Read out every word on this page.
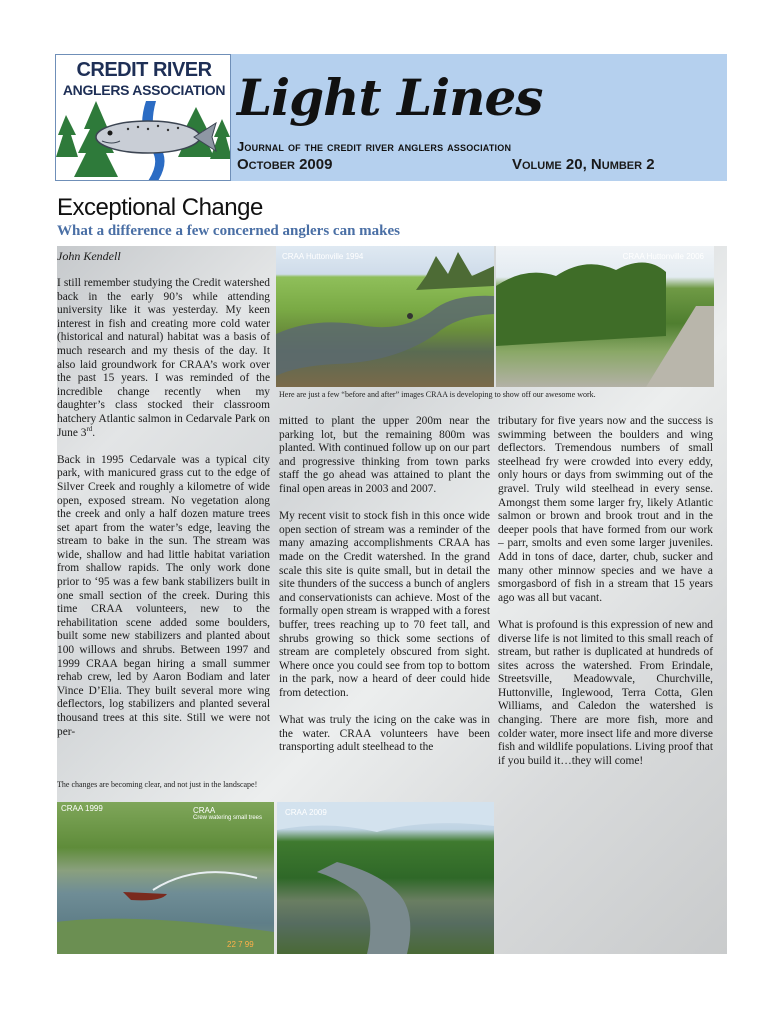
CREDIT RIVER
ANGLERS ASSOCIATION Light Lines
Journal of the credit river anglers association
October 2009	Volume 20, Number 2
Exceptional Change
What a difference a few concerned anglers can makes
John Kendell

I still remember studying the Credit watershed back in the early 90’s while attending university like it was yesterday. My keen interest in fish and creating more cold water (historical and natural) habitat was a basis of much research and my thesis of the day. It also laid groundwork for CRAA’s work over the past 15 years. I was reminded of the incredible change recently when my daughter’s class stocked their classroom hatchery Atlantic salmon in Cedarvale Park on June 3rd.

Back in 1995 Cedarvale was a typical city park, with manicured grass cut to the edge of Silver Creek and roughly a kilometre of wide open, exposed stream. No vegetation along the creek and only a half dozen mature trees set apart from the water’s edge, leaving the stream to bake in the sun. The stream was wide, shallow and had little habitat variation from shallow rapids. The only work done prior to ‘95 was a few bank stabilizers built in one small section of the creek. During this time CRAA volunteers, new to the rehabilitation scene added some boulders, built some new stabilizers and planted about 100 willows and shrubs. Between 1997 and 1999 CRAA began hiring a small summer rehab crew, led by Aaron Bodiam and later Vince D’Elia. They built several more wing deflectors, log stabilizers and planted several thousand trees at this site. Still we were not per-

The changes are becoming clear, and not just in the landscape!
CRAA Huttonville 1994	CRAA Huttonville 2006
Here are just a few “before and after” images CRAA is developing to show off our awesome work.

mitted to plant the upper 200m near the parking lot, but the remaining 800m was planted. With continued follow up on our part and progressive thinking from town parks staff the go ahead was attained to plant the final open areas in 2003 and 2007.

My recent visit to stock fish in this once wide open section of stream was a reminder of the many amazing accomplishments CRAA has made on the Credit watershed. In the grand scale this site is quite small, but in detail the site thunders of the success a bunch of anglers and conservationists can achieve. Most of the formally open stream is wrapped with a forest buffer, trees reaching up to 70 feet tall, and shrubs growing so thick some sections of stream are completely obscured from sight. Where once you could see from top to bottom in the park, now a heard of deer could hide from detection.

What was truly the icing on the cake was in the water. CRAA volunteers have been transporting adult steelhead to the

tributary for five years now and the success is swimming between the boulders and wing deflectors. Tremendous numbers of small steelhead fry were crowded into every eddy, only hours or days from swimming out of the gravel. Truly wild steelhead in every sense. Amongst them some larger fry, likely Atlantic salmon or brown and brook trout and in the deeper pools that have formed from our work – parr, smolts and even some larger juveniles. Add in tons of dace, darter, chub, sucker and many other minnow species and we have a smorgasbord of fish in a stream that 15 years ago was all but vacant.

What is profound is this expression of new and diverse life is not limited to this small reach of stream, but rather is duplicated at hundreds of sites across the watershed. From Erindale, Streetsville, Meadowvale, Churchville, Huttonville, Inglewood, Terra Cotta, Glen Williams, and Caledon the watershed is changing. There are more fish, more and colder water, more insect life and more diverse fish and wildlife populations. Living proof that if you build it…they will come!

CRAA 1999	CRAA
Crew watering small trees
22 7 99
CRAA 2009
